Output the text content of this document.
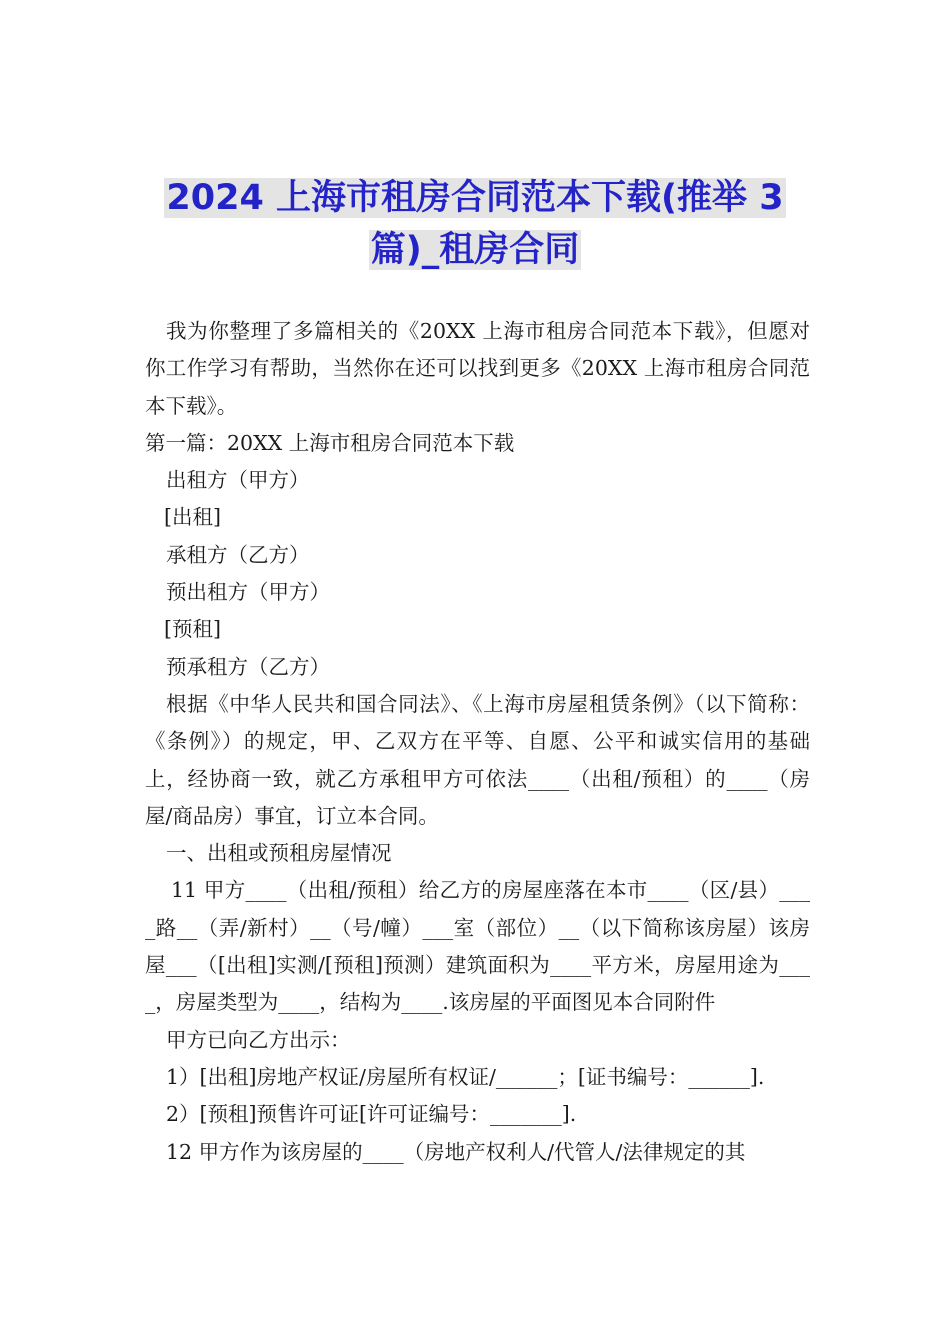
2024 上海市租房合同范本下载(推举 3
篇)_租房合同

我为你整理了多篇相关的《20XX 上海市租房合同范本下载》，但愿对你工作学习有帮助，当然你在还可以找到更多《20XX 上海市租房合同范本下载》。

第一篇：20XX 上海市租房合同范本下载

出租方（甲方）

[出租]

承租方（乙方）

预出租方（甲方）

[预租]

预承租方（乙方）

根据《中华人民共和国合同法》、《上海市房屋租赁条例》（以下简称：《条例》）的规定，甲、乙双方在平等、自愿、公平和诚实信用的基础上，经协商一致，就乙方承租甲方可依法____（出租/预租）的____（房屋/商品房）事宜，订立本合同。

一、出租或预租房屋情况

11 甲方____（出租/预租）给乙方的房屋座落在本市____（区/县）____路__（弄/新村）__（号/幢）___室（部位）__（以下简称该房屋）该房屋___（[出租]实测/[预租]预测）建筑面积为____平方米，房屋用途为____，房屋类型为____，结构为____.该房屋的平面图见本合同附件

甲方已向乙方出示：

1）[出租]房地产权证/房屋所有权证/______；[证书编号：______].

2）[预租]预售许可证[许可证编号：_______].

12 甲方作为该房屋的____（房地产权利人/代管人/法律规定的其
